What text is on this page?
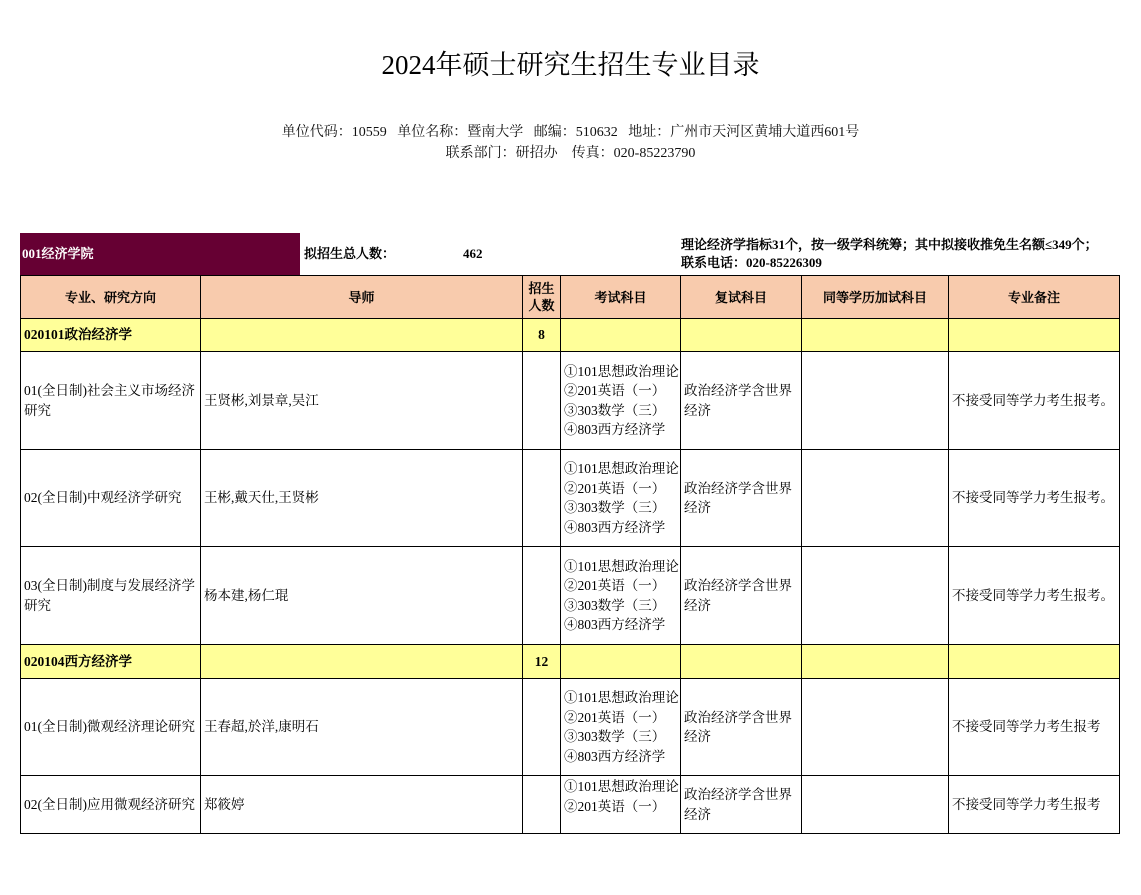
2024年硕士研究生招生专业目录
单位代码：10559   单位名称：暨南大学   邮编：510632   地址：广州市天河区黄埔大道西601号
联系部门：研招办    传真：020-85223790
001经济学院	拟招生总人数：	462
理论经济学指标31个，按一级学科统筹；其中拟接收推免生名额≤349个；
联系电话：020-85226309
专业、研究方向	导师	招生人数	考试科目	复试科目	同等学历加试科目	专业备注
020101政治经济学		8				
01(全日制)社会主义市场经济研究	王贤彬,刘景章,吴江		①101思想政治理论
②201英语（一）
③303数学（三）
④803西方经济学	政治经济学含世界经济		不接受同等学力考生报考。
02(全日制)中观经济学研究	王彬,戴天仕,王贤彬		①101思想政治理论
②201英语（一）
③303数学（三）
④803西方经济学	政治经济学含世界经济		不接受同等学力考生报考。
03(全日制)制度与发展经济学研究	杨本建,杨仁琨		①101思想政治理论
②201英语（一）
③303数学（三）
④803西方经济学	政治经济学含世界经济		不接受同等学力考生报考。
020104西方经济学		12				
01(全日制)微观经济理论研究	王春超,於洋,康明石		①101思想政治理论
②201英语（一）
③303数学（三）
④803西方经济学	政治经济学含世界经济		不接受同等学力考生报考
02(全日制)应用微观经济研究	郑筱婷		①101思想政治理论
②201英语（一）	政治经济学含世界经济		不接受同等学力考生报考
